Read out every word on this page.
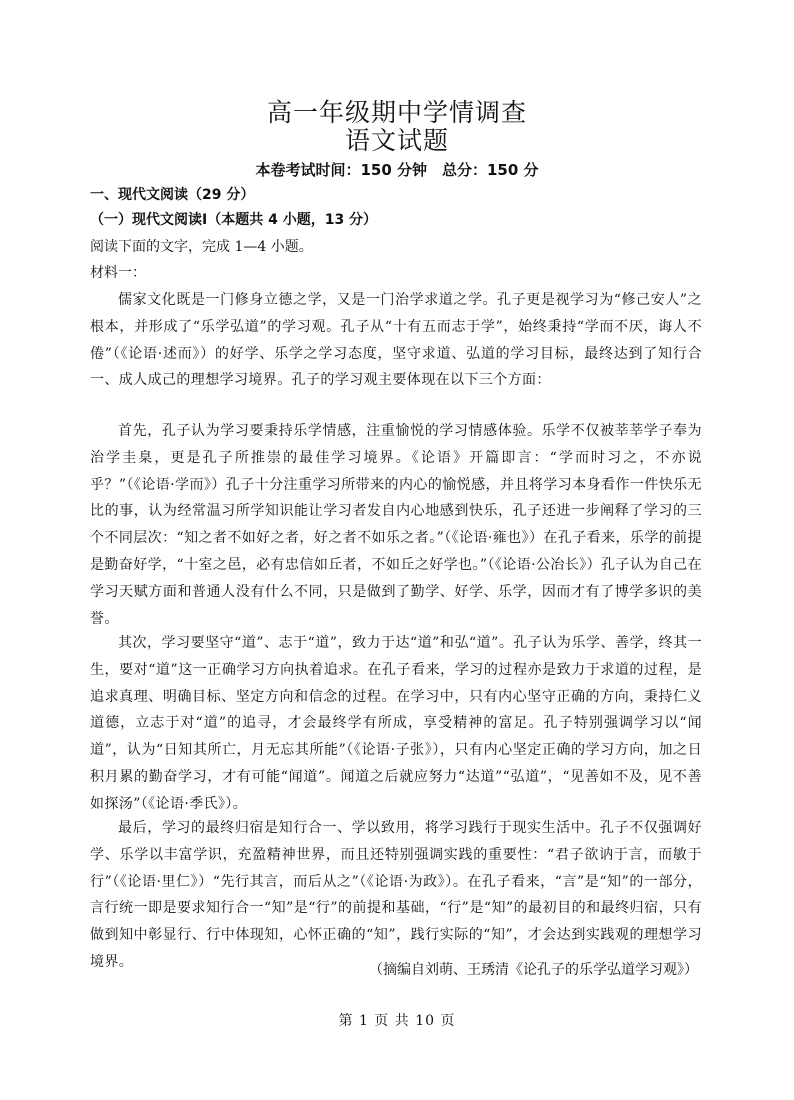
高一年级期中学情调查
语文试题
本卷考试时间：150 分钟　总分：150 分
一、现代文阅读（29 分）
（一）现代文阅读Ⅰ（本题共 4 小题，13 分）
阅读下面的文字，完成 1—4 小题。
材料一：
儒家文化既是一门修身立德之学，又是一门治学求道之学。孔子更是视学习为“修己安人”之根本，并形成了“乐学弘道”的学习观。孔子从“十有五而志于学”，始终秉持“学而不厌，诲人不倦”（《论语·述而》）的好学、乐学之学习态度，坚守求道、弘道的学习目标，最终达到了知行合一、成人成己的理想学习境界。孔子的学习观主要体现在以下三个方面：
首先，孔子认为学习要秉持乐学情感，注重愉悦的学习情感体验。乐学不仅被莘莘学子奉为治学圭臬，更是孔子所推崇的最佳学习境界。《论语》开篇即言：“学而时习之，不亦说乎？”（《论语·学而》）孔子十分注重学习所带来的内心的愉悦感，并且将学习本身看作一件快乐无比的事，认为经常温习所学知识能让学习者发自内心地感到快乐，孔子还进一步阐释了学习的三个不同层次：“知之者不如好之者，好之者不如乐之者。”（《论语·雍也》）在孔子看来，乐学的前提是勤奋好学，“十室之邑，必有忠信如丘者，不如丘之好学也。”（《论语·公冶长》）孔子认为自己在学习天赋方面和普通人没有什么不同，只是做到了勤学、好学、乐学，因而才有了博学多识的美誉。
其次，学习要坚守“道”、志于“道”，致力于达“道”和弘“道”。孔子认为乐学、善学，终其一生，要对“道”这一正确学习方向执着追求。在孔子看来，学习的过程亦是致力于求道的过程，是追求真理、明确目标、坚定方向和信念的过程。在学习中，只有内心坚守正确的方向，秉持仁义道德，立志于对“道”的追寻，才会最终学有所成，享受精神的富足。孔子特别强调学习以“闻道”，认为“日知其所亡，月无忘其所能”（《论语·子张》），只有内心坚定正确的学习方向，加之日积月累的勤奋学习，才有可能“闻道”。闻道之后就应努力“达道”“弘道”，“见善如不及，见不善如探汤”（《论语·季氏》）。
最后，学习的最终归宿是知行合一、学以致用，将学习践行于现实生活中。孔子不仅强调好学、乐学以丰富学识，充盈精神世界，而且还特别强调实践的重要性：“君子欲讷于言，而敏于行”（《论语·里仁》）“先行其言，而后从之”（《论语·为政》）。在孔子看来，“言”是“知”的一部分，言行统一即是要求知行合一“知”是“行”的前提和基础，“行”是“知”的最初目的和最终归宿，只有做到知中彰显行、行中体现知，心怀正确的“知”，践行实际的“知”，才会达到实践观的理想学习境界。
（摘编自刘萌、王琇清《论孔子的乐学弘道学习观》）
第 1 页 共 10 页
